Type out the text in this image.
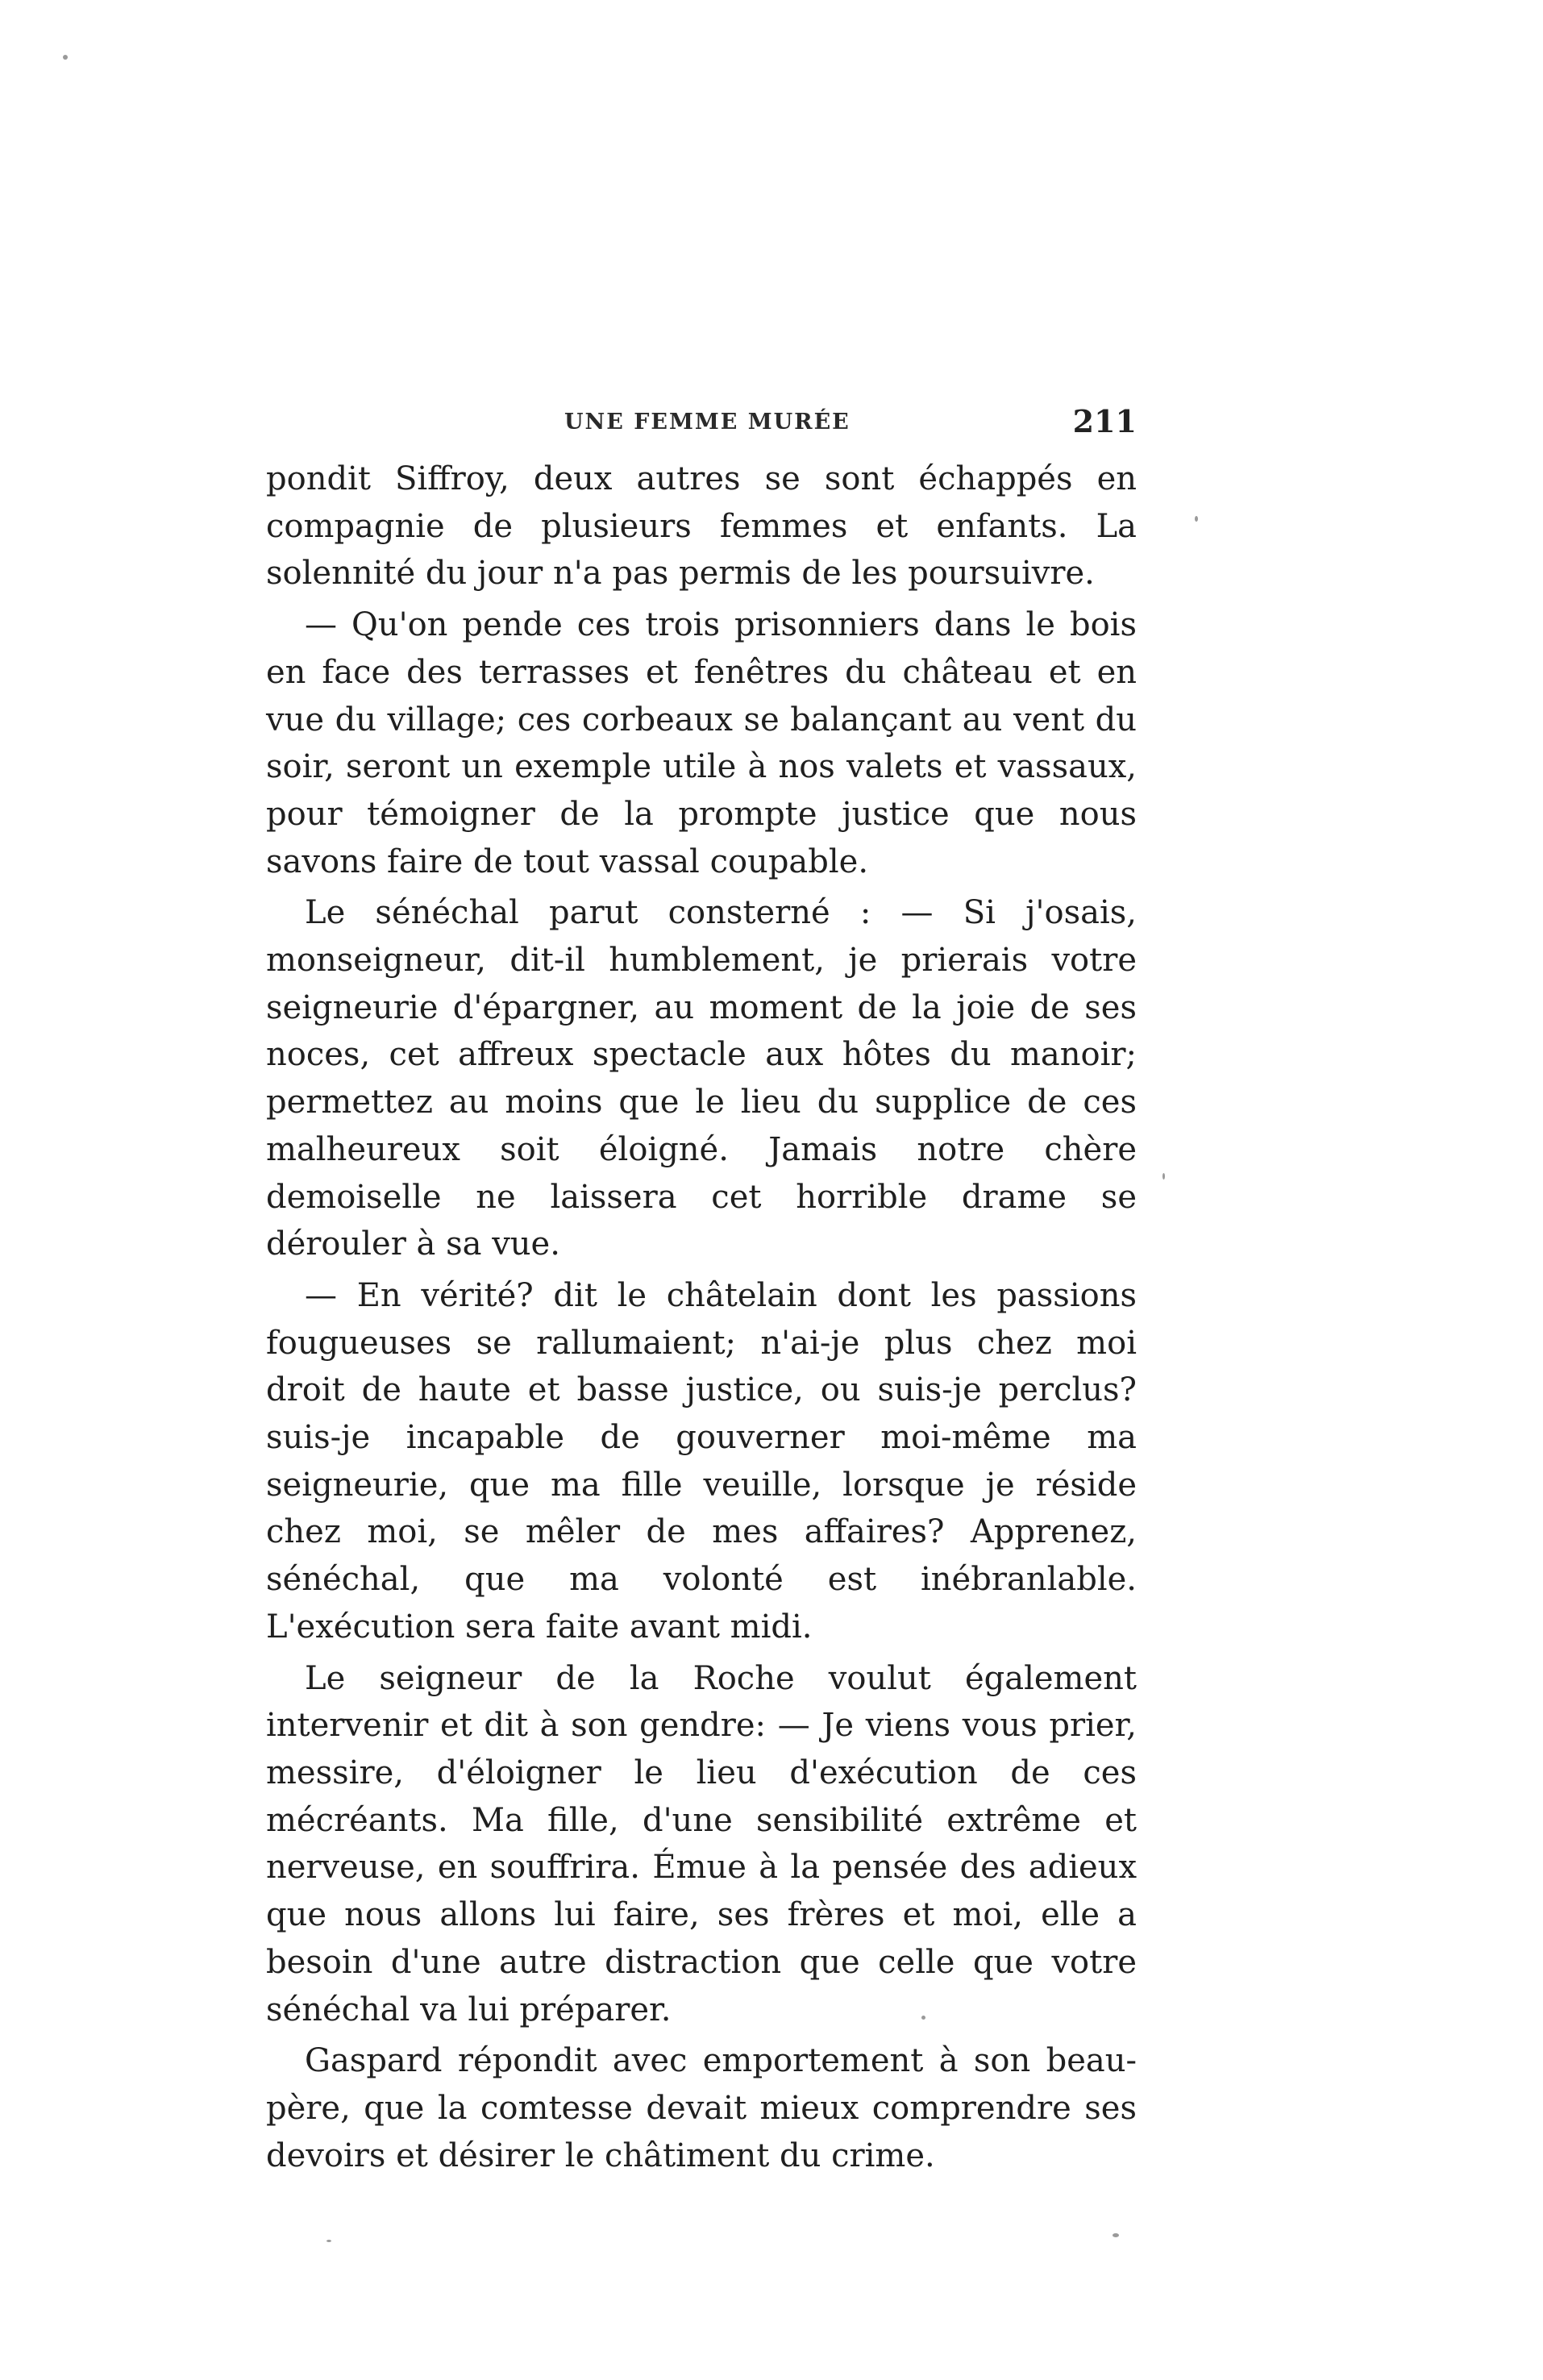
UNE FEMME MURÉE	211

pondit Siffroy, deux autres se sont échappés en compagnie de plusieurs femmes et enfants. La solennité du jour n'a pas permis de les poursuivre.

— Qu'on pende ces trois prisonniers dans le bois en face des terrasses et fenêtres du château et en vue du village; ces corbeaux se balançant au vent du soir, seront un exemple utile à nos valets et vassaux, pour témoigner de la prompte justice que nous savons faire de tout vassal coupable.

Le sénéchal parut consterné : — Si j'osais, monseigneur, dit-il humblement, je prierais votre seigneurie d'épargner, au moment de la joie de ses noces, cet affreux spectacle aux hôtes du manoir; permettez au moins que le lieu du supplice de ces malheureux soit éloigné. Jamais notre chère demoiselle ne laissera cet horrible drame se dérouler à sa vue.

— En vérité? dit le châtelain dont les passions fougueuses se rallumaient; n'ai-je plus chez moi droit de haute et basse justice, ou suis-je perclus? suis-je incapable de gouverner moi-même ma seigneurie, que ma fille veuille, lorsque je réside chez moi, se mêler de mes affaires? Apprenez, sénéchal, que ma volonté est inébranlable. L'exécution sera faite avant midi.

Le seigneur de la Roche voulut également intervenir et dit à son gendre: — Je viens vous prier, messire, d'éloigner le lieu d'exécution de ces mécréants. Ma fille, d'une sensibilité extrême et nerveuse, en souffrira. Émue à la pensée des adieux que nous allons lui faire, ses frères et moi, elle a besoin d'une autre distraction que celle que votre sénéchal va lui préparer.

Gaspard répondit avec emportement à son beau-père, que la comtesse devait mieux comprendre ses devoirs et désirer le châtiment du crime.
